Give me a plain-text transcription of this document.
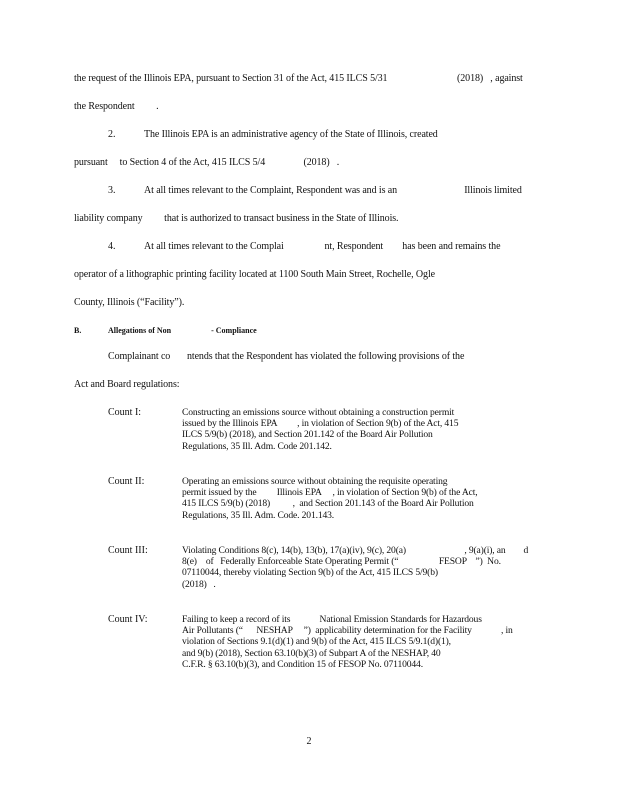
the request of the Illinois EPA, pursuant to Section 31 of the Act, 415 ILCS 5/31                             (2018)   , against
the Respondent         .
2.	The Illinois EPA is an administrative agency of the State of Illinois, created
pursuant     to Section 4 of the Act, 415 ILCS 5/4                (2018)   .
3.	At all times relevant to the Complaint, Respondent was and is an                            Illinois limited
liability company         that is authorized to transact business in the State of Illinois.
4.	At all times relevant to the Complai                 nt, Respondent        has been and remains the
operator of a lithographic printing facility located at 1100 South Main Street, Rochelle, Ogle
County, Illinois (“Facility”).
B.	Allegations of Non                    - Compliance
Complainant co       ntends that the Respondent has violated the following provisions of the
Act and Board regulations:
Count I:	Constructing an emissions source without obtaining a construction permit
issued by the Illinois EPA         , in violation of Section 9(b) of the Act, 415
ILCS 5/9(b) (2018), and Section 201.142 of the Board Air Pollution
Regulations, 35 Ill. Adm. Code 201.142.
Count II:	Operating an emissions source without obtaining the requisite operating
permit issued by the         Illinois EPA     , in violation of Section 9(b) of the Act,
415 ILCS 5/9(b) (2018)          ,  and Section 201.143 of the Board Air Pollution
Regulations, 35 Ill. Adm. Code. 201.143.
Count III:	Violating Conditions 8(c), 14(b), 13(b), 17(a)(iv), 9(c), 20(a)                          , 9(a)(i), an        d
8(e)    of   Federally Enforceable State Operating Permit (“                  FESOP    ”)  No.
07110044, thereby violating Section 9(b) of the Act, 415 ILCS 5/9(b)
(2018)   .
Count IV:	Failing to keep a record of its             National Emission Standards for Hazardous
Air Pollutants (“      NESHAP     ”)  applicability determination for the Facility             , in
violation of Sections 9.1(d)(1) and 9(b) of the Act, 415 ILCS 5/9.1(d)(1),
and 9(b) (2018), Section 63.10(b)(3) of Subpart A of the NESHAP, 40
C.F.R. § 63.10(b)(3), and Condition 15 of FESOP No. 07110044.
2
